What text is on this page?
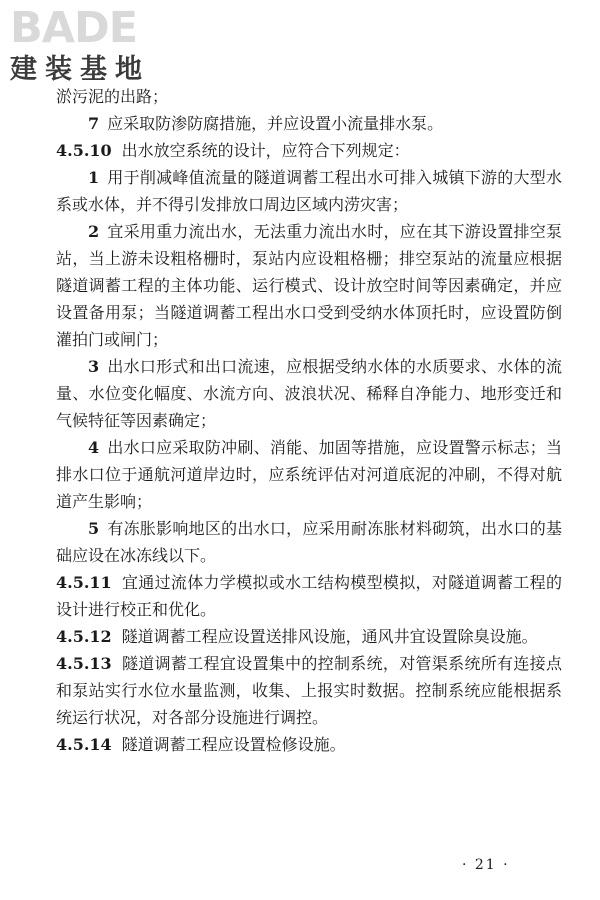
BADE
建装基地

淤污泥的出路；

7 应采取防渗防腐措施，并应设置小流量排水泵。

4.5.10 出水放空系统的设计，应符合下列规定：

1 用于削减峰值流量的隧道调蓄工程出水可排入城镇下游的大型水系或水体，并不得引发排放口周边区域内涝灾害；

2 宜采用重力流出水，无法重力流出水时，应在其下游设置排空泵站，当上游未设粗格栅时，泵站内应设粗格栅；排空泵站的流量应根据隧道调蓄工程的主体功能、运行模式、设计放空时间等因素确定，并应设置备用泵；当隧道调蓄工程出水口受到受纳水体顶托时，应设置防倒灌拍门或闸门；

3 出水口形式和出口流速，应根据受纳水体的水质要求、水体的流量、水位变化幅度、水流方向、波浪状况、稀释自净能力、地形变迁和气候特征等因素确定；

4 出水口应采取防冲刷、消能、加固等措施，应设置警示标志；当排水口位于通航河道岸边时，应系统评估对河道底泥的冲刷，不得对航道产生影响；

5 有冻胀影响地区的出水口，应采用耐冻胀材料砌筑，出水口的基础应设在冰冻线以下。

4.5.11 宜通过流体力学模拟或水工结构模型模拟，对隧道调蓄工程的设计进行校正和优化。

4.5.12 隧道调蓄工程应设置送排风设施，通风井宜设置除臭设施。

4.5.13 隧道调蓄工程宜设置集中的控制系统，对管渠系统所有连接点和泵站实行水位水量监测，收集、上报实时数据。控制系统应能根据系统运行状况，对各部分设施进行调控。

4.5.14 隧道调蓄工程应设置检修设施。

· 21 ·
